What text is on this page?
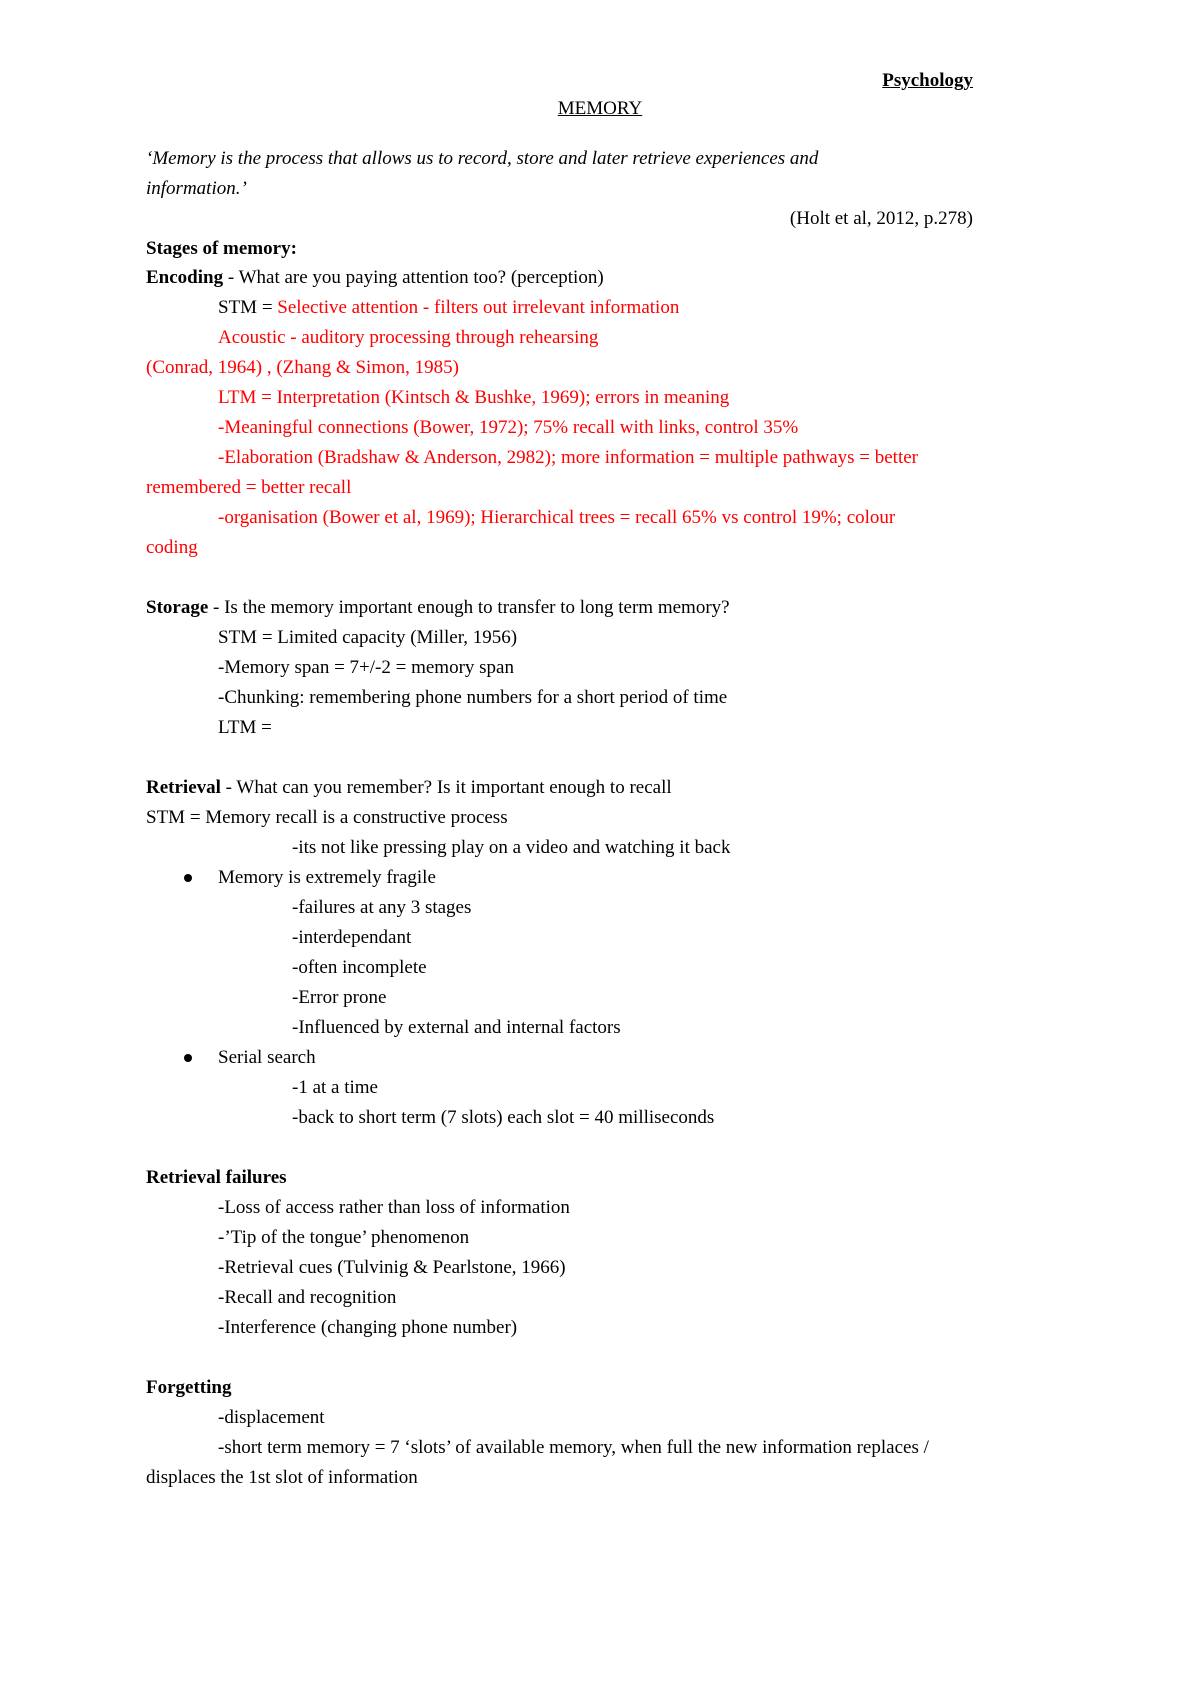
Psychology
MEMORY
‘Memory is the process that allows us to record, store and later retrieve experiences and
information.’
(Holt et al, 2012, p.278)
Stages of memory:
Encoding - What are you paying attention too? (perception)
STM = Selective attention - filters out irrelevant information
Acoustic - auditory processing through rehearsing
(Conrad, 1964) , (Zhang & Simon, 1985)
LTM = Interpretation (Kintsch & Bushke, 1969); errors in meaning
-Meaningful connections (Bower, 1972); 75% recall with links, control 35%
-Elaboration (Bradshaw & Anderson, 2982); more information = multiple pathways = better
remembered = better recall
-organisation (Bower et al, 1969); Hierarchical trees = recall 65% vs control 19%; colour
coding
Storage - Is the memory important enough to transfer to long term memory?
STM = Limited capacity (Miller, 1956)
-Memory span = 7+/-2 = memory span
-Chunking: remembering phone numbers for a short period of time
LTM =
Retrieval - What can you remember? Is it important enough to recall
STM = Memory recall is a constructive process
-its not like pressing play on a video and watching it back
Memory is extremely fragile
-failures at any 3 stages
-interdependant
-often incomplete
-Error prone
-Influenced by external and internal factors
Serial search
-1 at a time
-back to short term (7 slots) each slot = 40 milliseconds
Retrieval failures
-Loss of access rather than loss of information
-’Tip of the tongue’ phenomenon
-Retrieval cues (Tulvinig & Pearlstone, 1966)
-Recall and recognition
-Interference (changing phone number)
Forgetting
-displacement
-short term memory = 7 ‘slots’ of available memory, when full the new information replaces /
displaces the 1st slot of information
